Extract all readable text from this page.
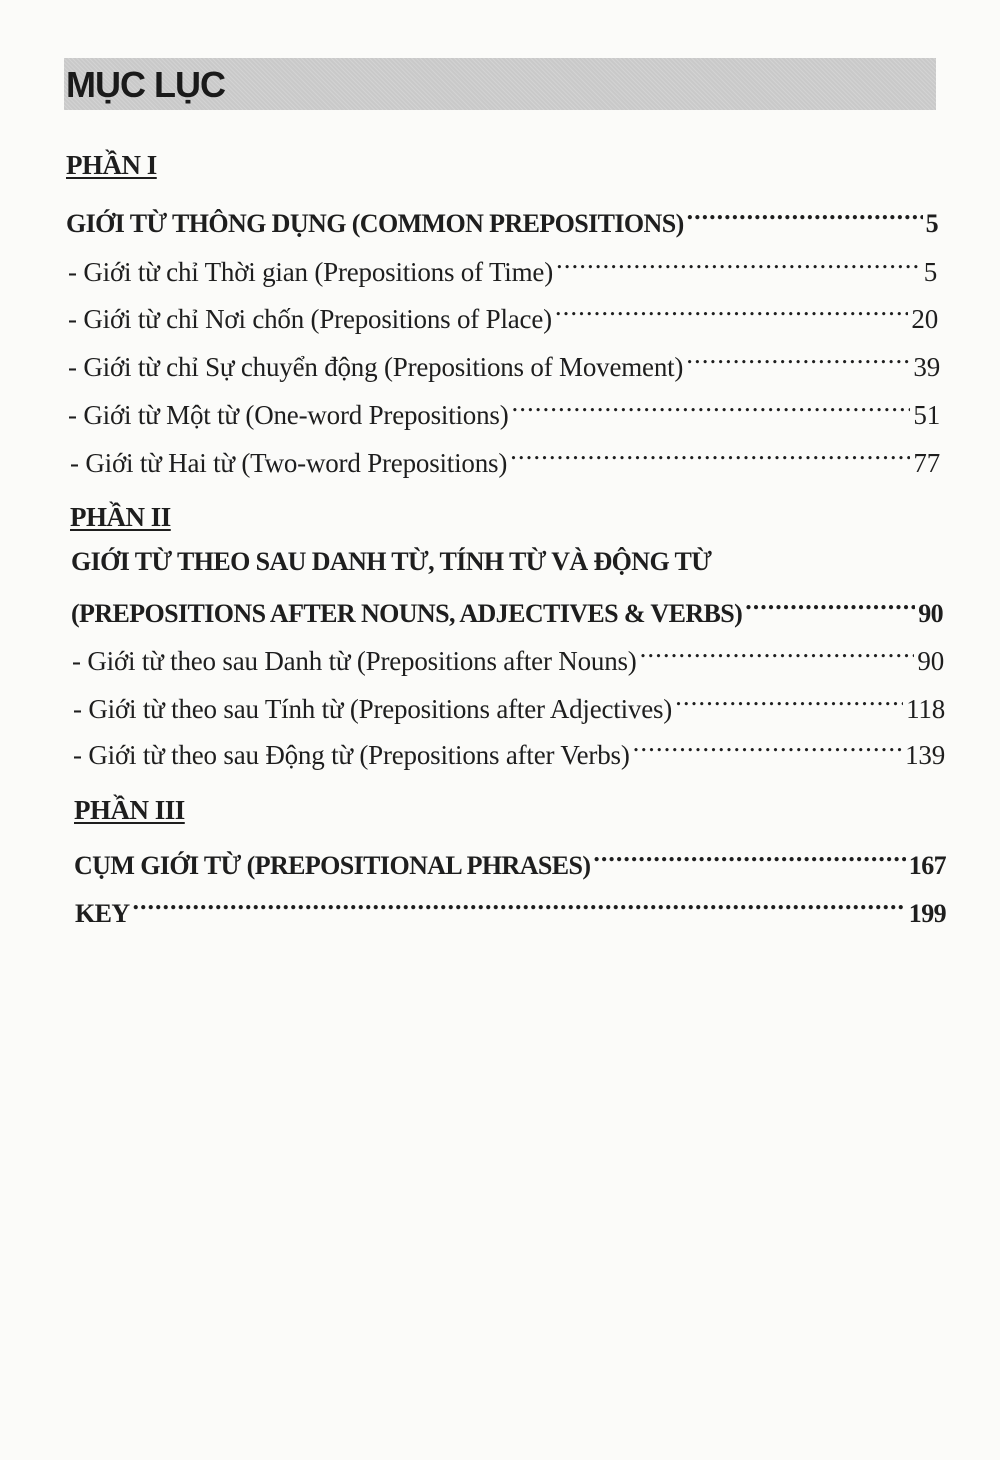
MỤC LỤC
PHẦN I
GIỚI TỪ THÔNG DỤNG (COMMON PREPOSITIONS) .....	5
- Giới từ chỉ Thời gian (Prepositions of Time) .....	5
- Giới từ chỉ Nơi chốn (Prepositions of Place) .....	20
- Giới từ chỉ Sự chuyển động (Prepositions of Movement) .....	39
- Giới từ Một từ (One-word Prepositions) .....	51
- Giới từ Hai từ (Two-word Prepositions) .....	77
PHẦN II
GIỚI TỪ THEO SAU DANH TỪ, TÍNH TỪ VÀ ĐỘNG TỪ
(PREPOSITIONS AFTER NOUNS, ADJECTIVES & VERBS) .....	90
- Giới từ theo sau Danh từ (Prepositions after Nouns) .....	90
- Giới từ theo sau Tính từ (Prepositions after Adjectives) .....	118
- Giới từ theo sau Động từ (Prepositions after Verbs) .....	139
PHẦN III
CỤM GIỚI TỪ (PREPOSITIONAL PHRASES) .....	167
KEY .....	199
